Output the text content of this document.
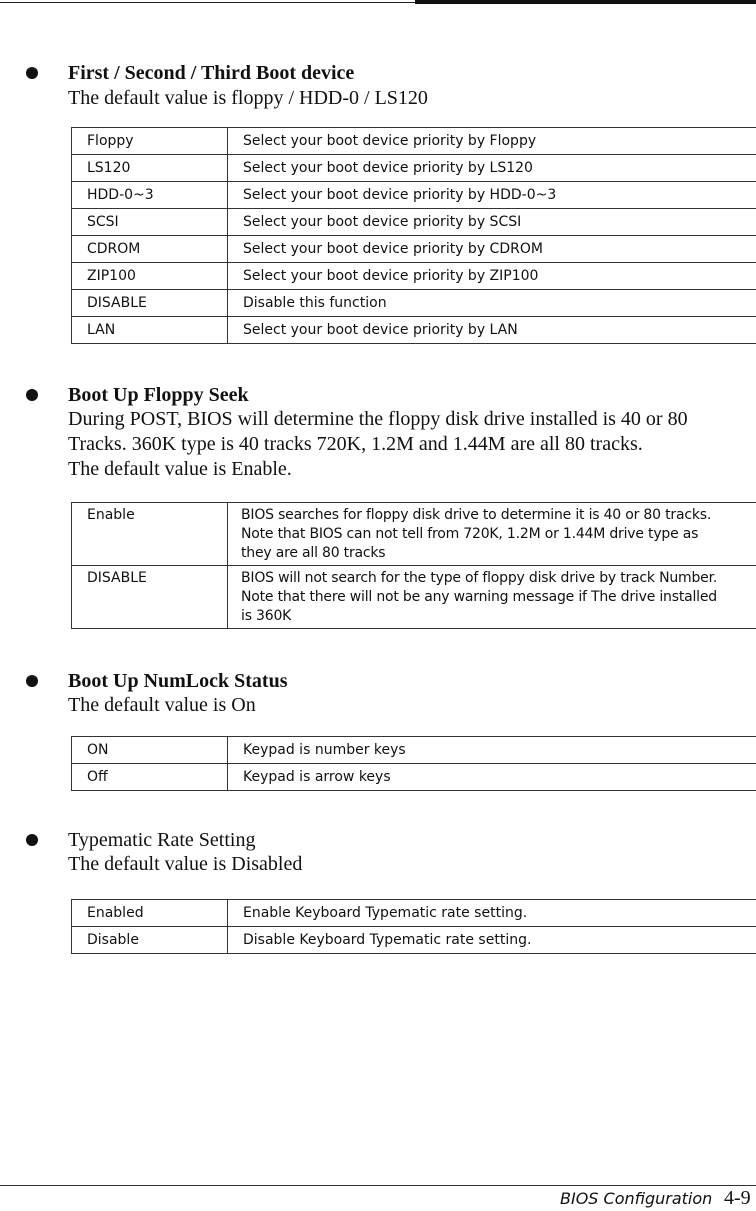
First / Second / Third Boot device
The default value is floppy / HDD-0 / LS120
Floppy	Select your boot device priority by Floppy
LS120	Select your boot device priority by LS120
HDD-0~3	Select your boot device priority by HDD-0~3
SCSI	Select your boot device priority by SCSI
CDROM	Select your boot device priority by CDROM
ZIP100	Select your boot device priority by ZIP100
DISABLE	Disable this function
LAN	Select your boot device priority by LAN
Boot Up Floppy Seek
During POST, BIOS will determine the floppy disk drive installed is 40 or 80
Tracks. 360K type is 40 tracks 720K, 1.2M and 1.44M are all 80 tracks.
The default value is Enable.
Enable	BIOS searches for floppy disk drive to determine it is 40 or 80 tracks.
Note that BIOS can not tell from 720K, 1.2M or 1.44M drive type as
they are all 80 tracks

DISABLE	BIOS will not search for the type of floppy disk drive by track Number.
Note that there will not be any warning message if The drive installed
is 360K
Boot Up NumLock Status
The default value is On
ON	Keypad is number keys
Off	Keypad is arrow keys
Typematic Rate Setting
The default value is Disabled
Enabled	Enable Keyboard Typematic rate setting.
Disable	Disable Keyboard Typematic rate setting.
BIOS Configuration 4-9
